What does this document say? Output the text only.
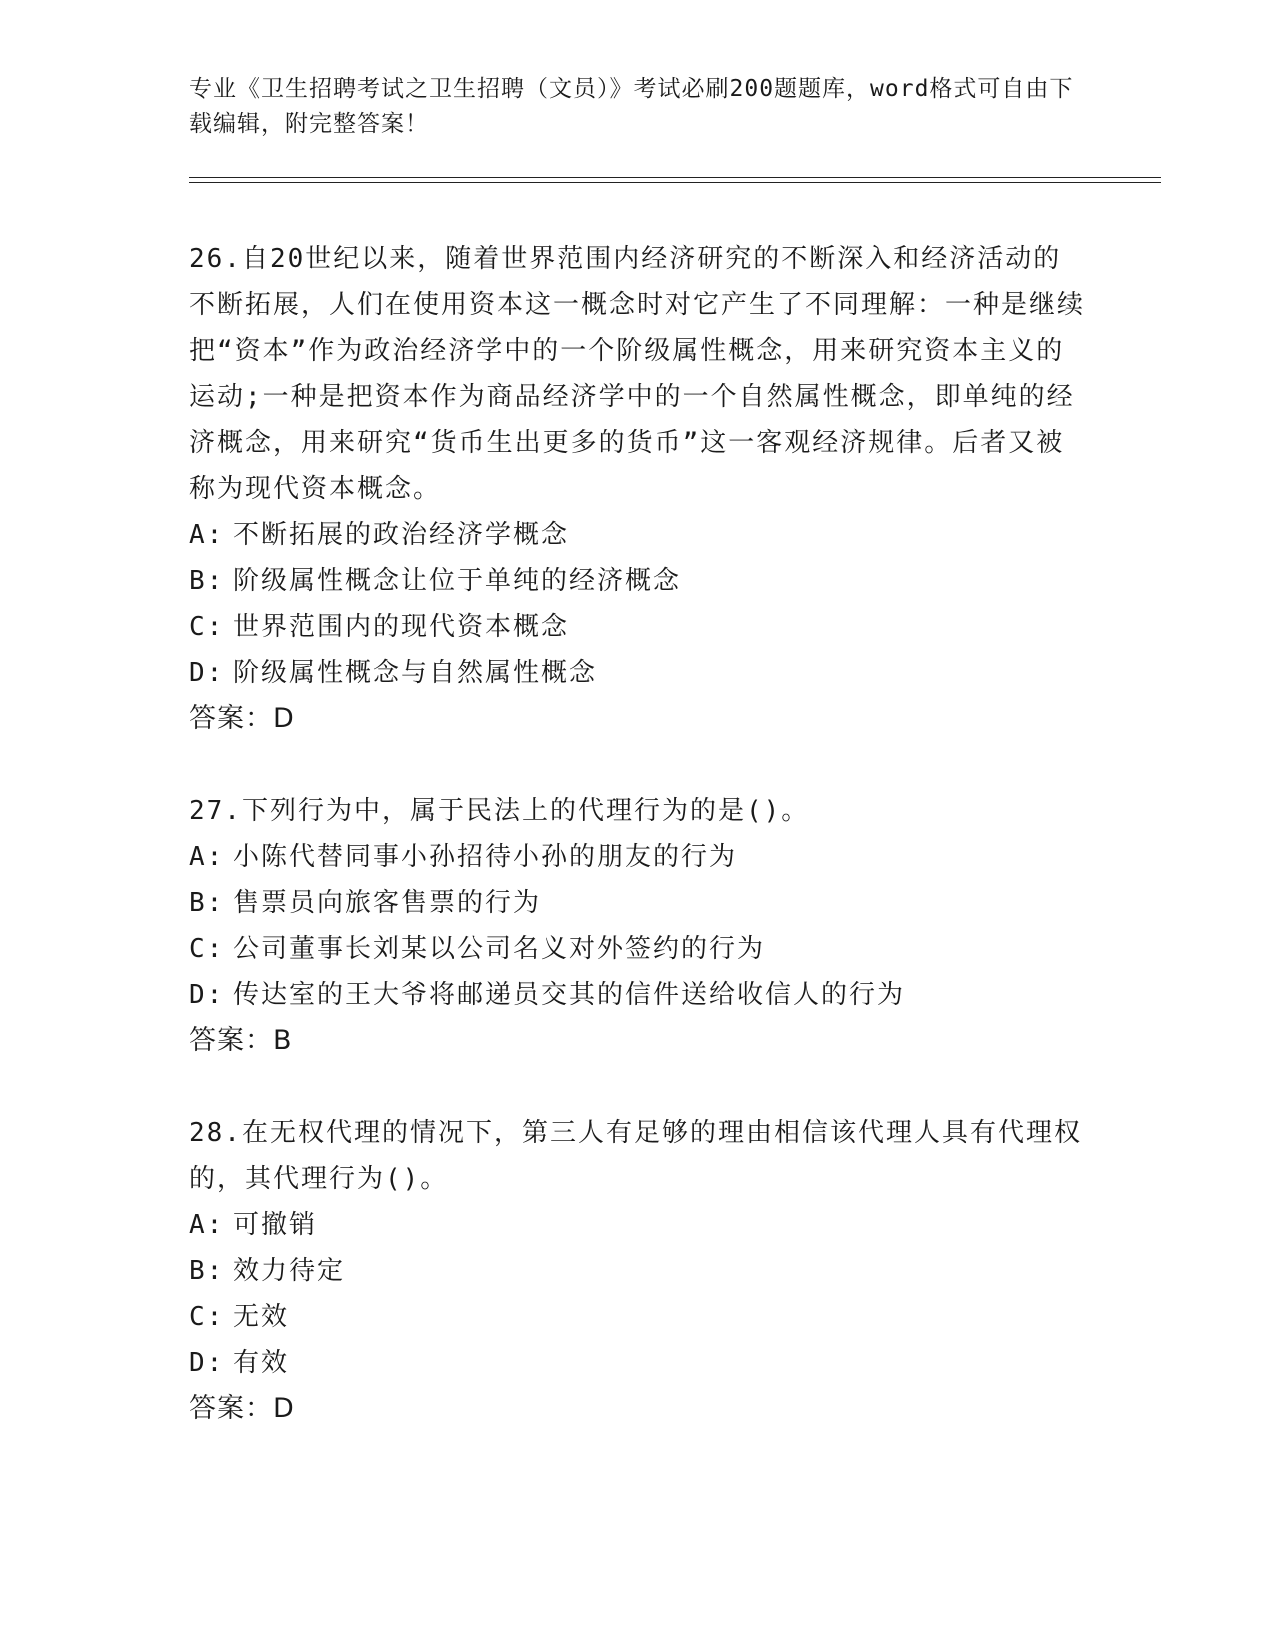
专业《卫生招聘考试之卫生招聘（文员）》考试必刷200题题库，word格式可自由下载编辑，附完整答案！
26.自20世纪以来，随着世界范围内经济研究的不断深入和经济活动的不断拓展，人们在使用资本这一概念时对它产生了不同理解：一种是继续把“资本”作为政治经济学中的一个阶级属性概念，用来研究资本主义的运动;一种是把资本作为商品经济学中的一个自然属性概念，即单纯的经济概念，用来研究“货币生出更多的货币”这一客观经济规律。后者又被称为现代资本概念。
A: 不断拓展的政治经济学概念
B: 阶级属性概念让位于单纯的经济概念
C: 世界范围内的现代资本概念
D: 阶级属性概念与自然属性概念
答案：D
27.下列行为中，属于民法上的代理行为的是()。
A: 小陈代替同事小孙招待小孙的朋友的行为
B: 售票员向旅客售票的行为
C: 公司董事长刘某以公司名义对外签约的行为
D: 传达室的王大爷将邮递员交其的信件送给收信人的行为
答案：B
28.在无权代理的情况下，第三人有足够的理由相信该代理人具有代理权的，其代理行为()。
A: 可撤销
B: 效力待定
C: 无效
D: 有效
答案：D
